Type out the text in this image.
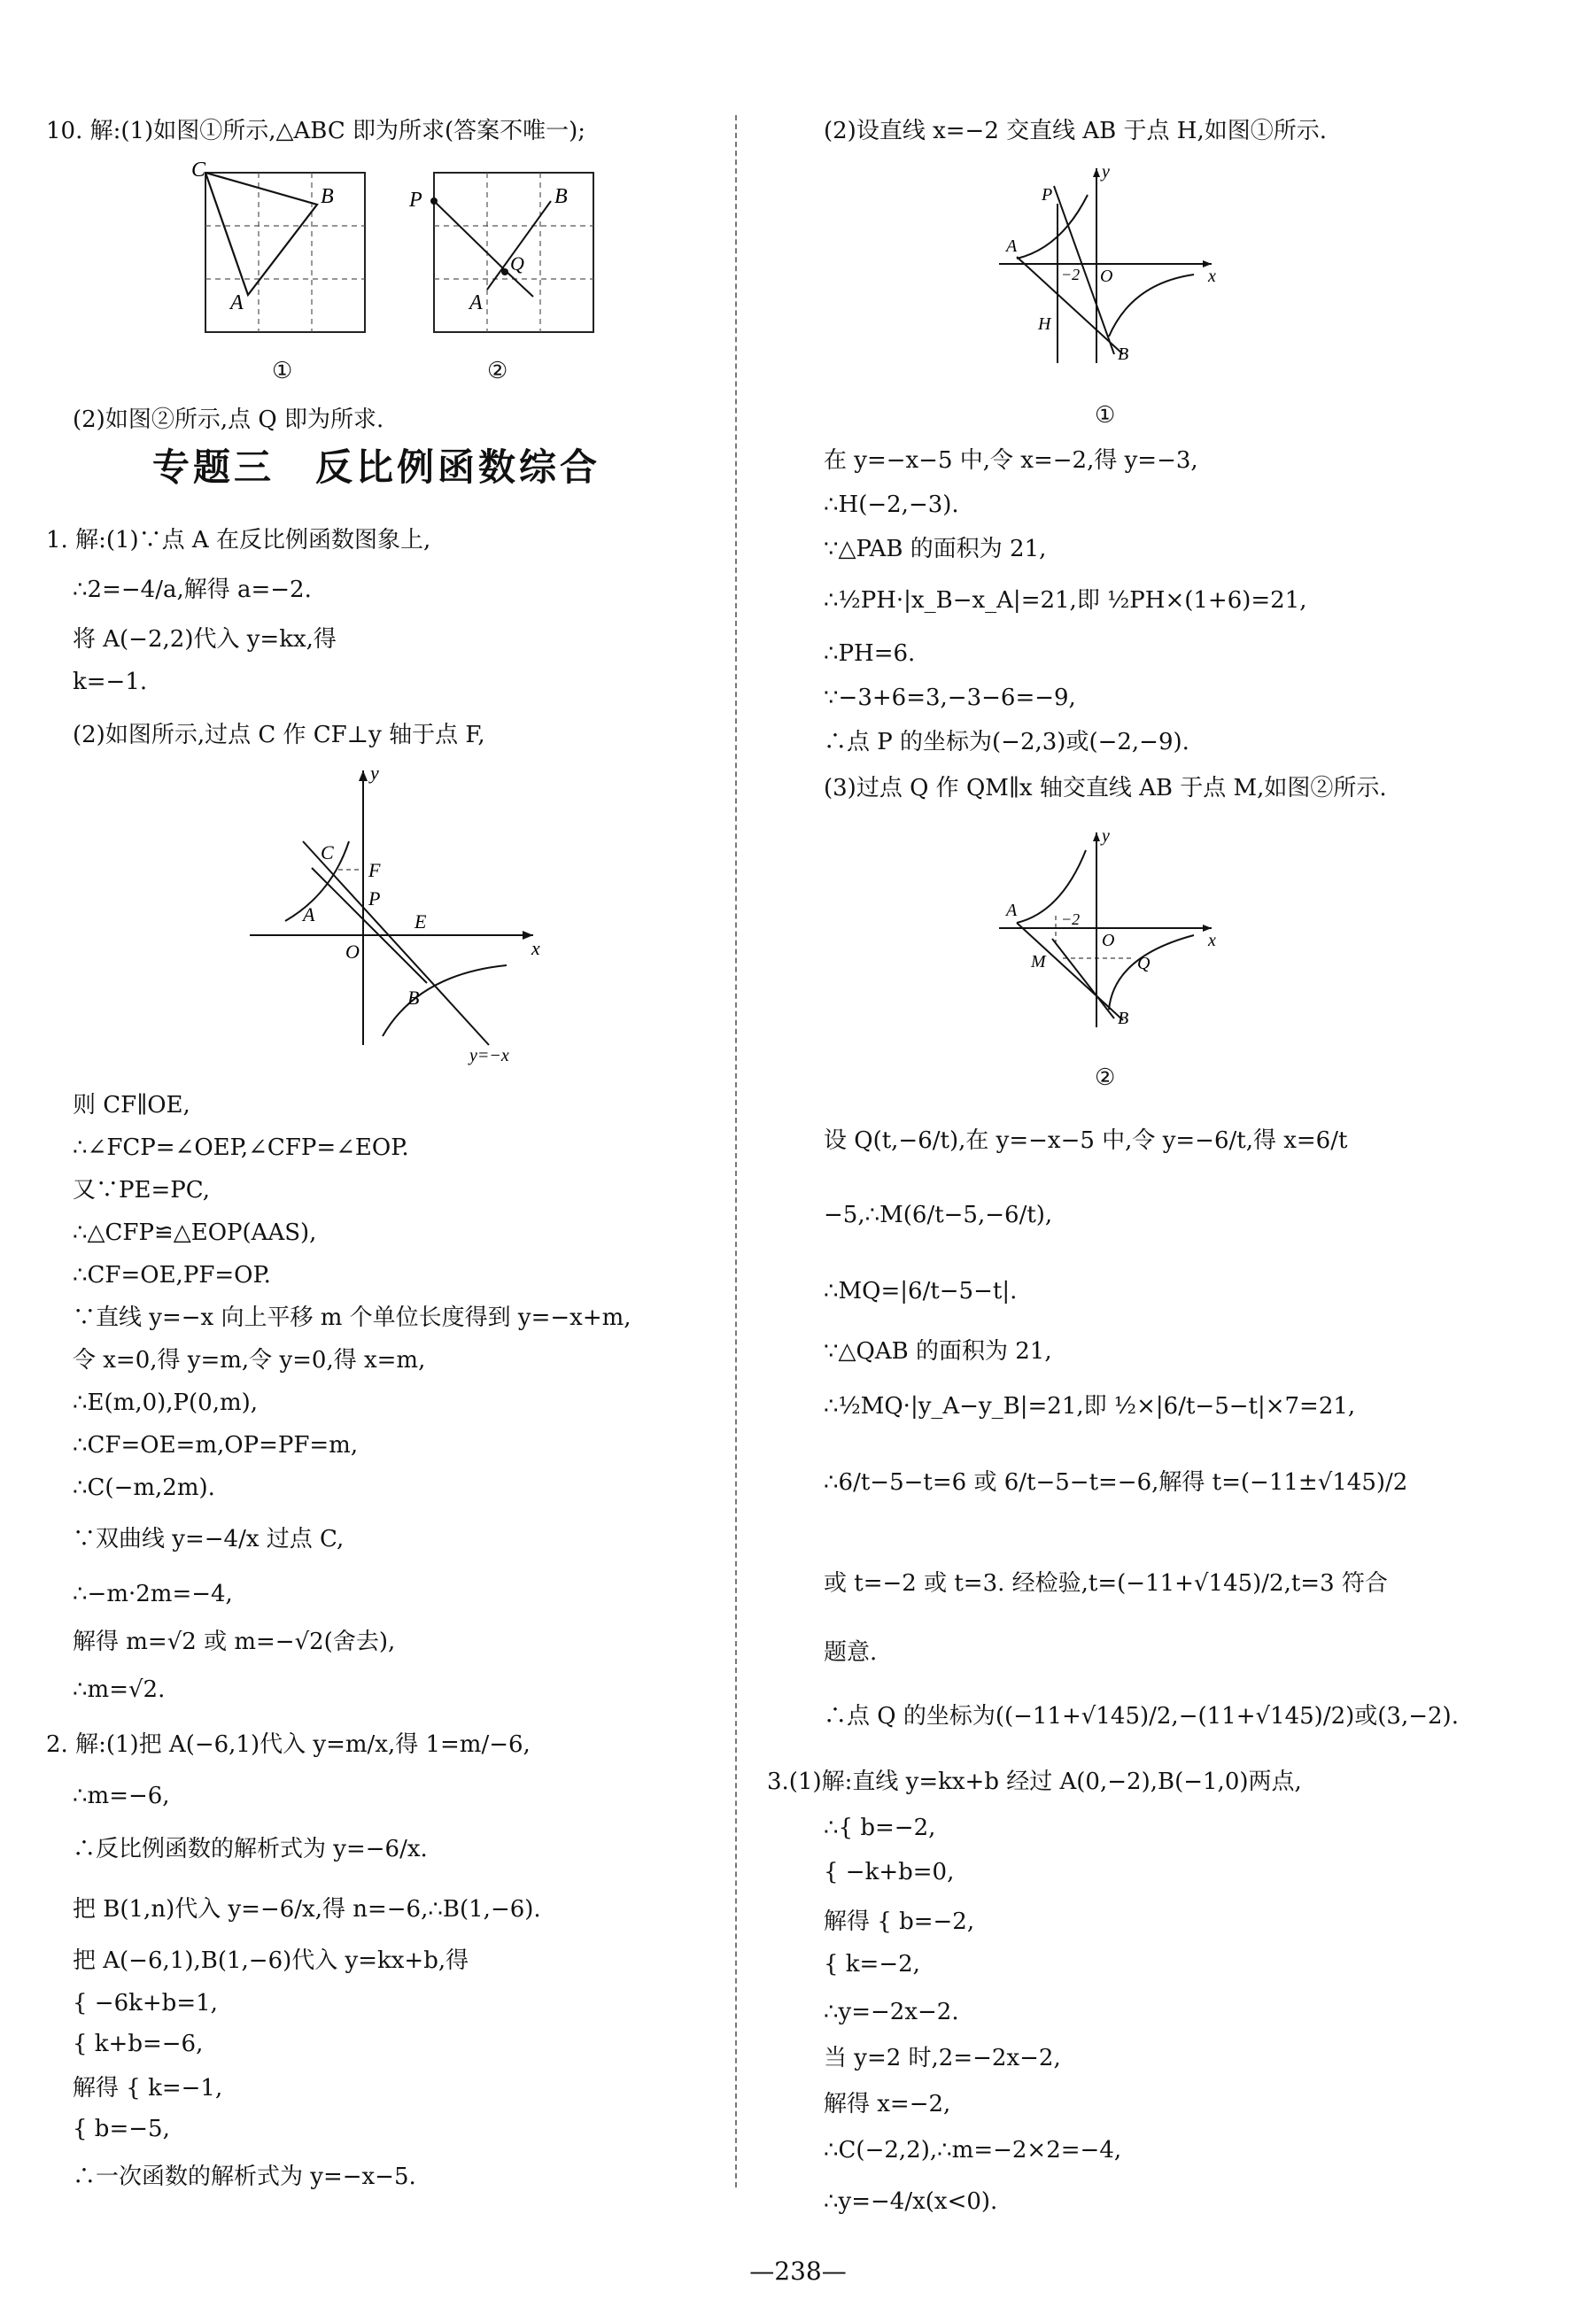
10. 解:(1)如图①所示,△ABC 即为所求(答案不唯一);
C
B
A
①
P	B
Q
A
②
(2)如图②所示,点 Q 即为所求.
专题三　反比例函数综合
1. 解:(1)∵点 A 在反比例函数图象上,
∴2=−4/a,解得 a=−2.
将 A(−2,2)代入 y=kx,得
k=−1.
(2)如图所示,过点 C 作 CF⊥y 轴于点 F,
y
C
F
P
A	E
O	x
B
y=−x
则 CF∥OE,
∴∠FCP=∠OEP,∠CFP=∠EOP.
又∵PE=PC,
∴△CFP≌△EOP(AAS),
∴CF=OE,PF=OP.
∵直线 y=−x 向上平移 m 个单位长度得到 y=−x+m,
令 x=0,得 y=m,令 y=0,得 x=m,
∴E(m,0),P(0,m),
∴CF=OE=m,OP=PF=m,
∴C(−m,2m).
∵双曲线 y=−4/x 过点 C,
∴−m·2m=−4,
解得 m=√2 或 m=−√2(舍去),
∴m=√2.
2. 解:(1)把 A(−6,1)代入 y=m/x,得 1=m/−6,
∴m=−6,
∴反比例函数的解析式为 y=−6/x.
把 B(1,n)代入 y=−6/x,得 n=−6,∴B(1,−6).
把 A(−6,1),B(1,−6)代入 y=kx+b,得
{ −6k+b=1,
{ k+b=−6,
解得 { k=−1,
{ b=−5,
∴一次函数的解析式为 y=−x−5.
(2)设直线 x=−2 交直线 AB 于点 H,如图①所示.
y
P
A
−2 O	x
H
B
①
在 y=−x−5 中,令 x=−2,得 y=−3,
∴H(−2,−3).
∵△PAB 的面积为 21,
∴½PH·|x_B−x_A|=21,即 ½PH×(1+6)=21,
∴PH=6.
∵−3+6=3,−3−6=−9,
∴点 P 的坐标为(−2,3)或(−2,−9).
(3)过点 Q 作 QM∥x 轴交直线 AB 于点 M,如图②所示.
y
A	−2
O	x
M	Q
B
②
设 Q(t,−6/t),在 y=−x−5 中,令 y=−6/t,得 x=6/t
−5,∴M(6/t−5,−6/t),
∴MQ=|6/t−5−t|.
∵△QAB 的面积为 21,
∴½MQ·|y_A−y_B|=21,即 ½×|6/t−5−t|×7=21,
∴6/t−5−t=6 或 6/t−5−t=−6,解得 t=(−11±√145)/2
或 t=−2 或 t=3. 经检验,t=(−11+√145)/2,t=3 符合
题意.
∴点 Q 的坐标为((−11+√145)/2,−(11+√145)/2)或(3,−2).
3.(1)解:直线 y=kx+b 经过 A(0,−2),B(−1,0)两点,
∴{ b=−2,
{ −k+b=0,
解得 { b=−2,
{ k=−2,
∴y=−2x−2.
当 y=2 时,2=−2x−2,
解得 x=−2,
∴C(−2,2),∴m=−2×2=−4,
∴y=−4/x(x<0).
—238—
